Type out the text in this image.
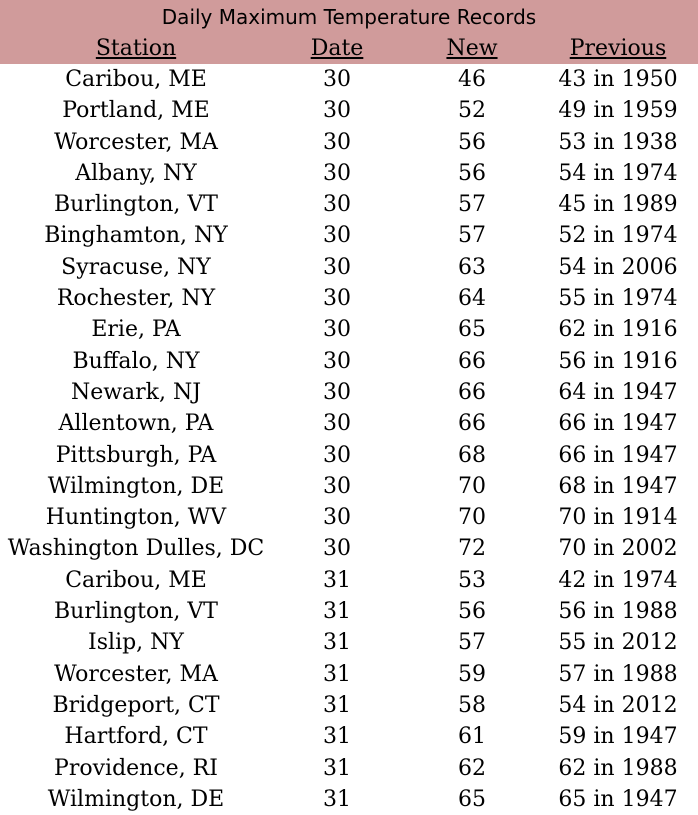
Daily Maximum Temperature Records
Station	Date	New	Previous
Caribou, ME	30	46	43 in 1950
Portland, ME	30	52	49 in 1959
Worcester, MA	30	56	53 in 1938
Albany, NY	30	56	54 in 1974
Burlington, VT	30	57	45 in 1989
Binghamton, NY	30	57	52 in 1974
Syracuse, NY	30	63	54 in 2006
Rochester, NY	30	64	55 in 1974
Erie, PA	30	65	62 in 1916
Buffalo, NY	30	66	56 in 1916
Newark, NJ	30	66	64 in 1947
Allentown, PA	30	66	66 in 1947
Pittsburgh, PA	30	68	66 in 1947
Wilmington, DE	30	70	68 in 1947
Huntington, WV	30	70	70 in 1914
Washington Dulles, DC	30	72	70 in 2002
Caribou, ME	31	53	42 in 1974
Burlington, VT	31	56	56 in 1988
Islip, NY	31	57	55 in 2012
Worcester, MA	31	59	57 in 1988
Bridgeport, CT	31	58	54 in 2012
Hartford, CT	31	61	59 in 1947
Providence, RI	31	62	62 in 1988
Wilmington, DE	31	65	65 in 1947
